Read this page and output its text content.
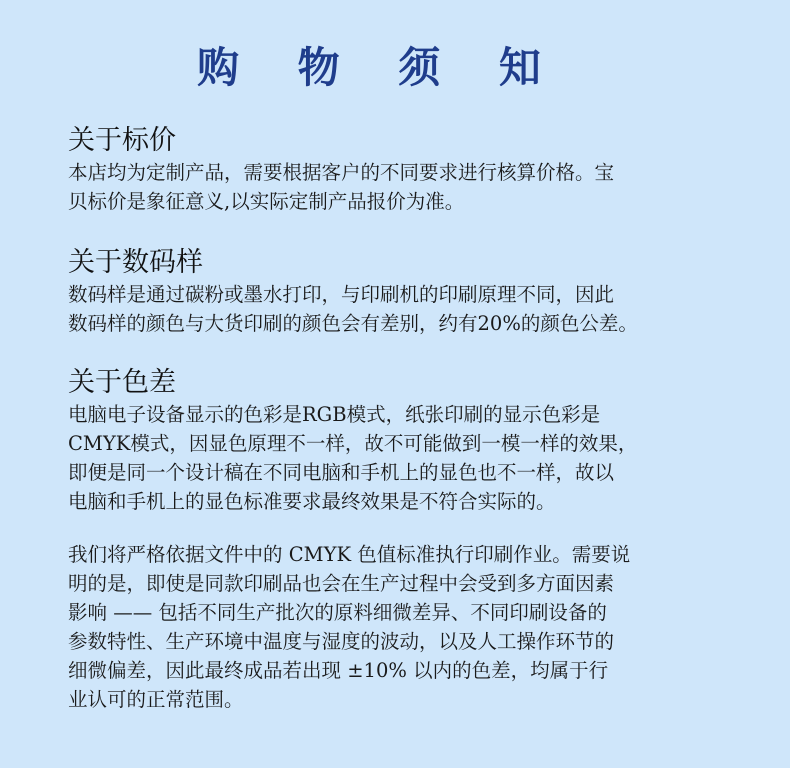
购 物 须 知
关于标价
本店均为定制产品，需要根据客户的不同要求进行核算价格。宝
贝标价是象征意义,以实际定制产品报价为准。
关于数码样
数码样是通过碳粉或墨水打印，与印刷机的印刷原理不同，因此
数码样的颜色与大货印刷的颜色会有差别，约有20%的颜色公差。
关于色差
电脑电子设备显示的色彩是RGB模式，纸张印刷的显示色彩是
CMYK模式，因显色原理不一样，故不可能做到一模一样的效果，
即便是同一个设计稿在不同电脑和手机上的显色也不一样，故以
电脑和手机上的显色标准要求最终效果是不符合实际的。
我们将严格依据文件中的 CMYK 色值标准执行印刷作业。需要说
明的是，即使是同款印刷品也会在生产过程中会受到多方面因素
影响 —— 包括不同生产批次的原料细微差异、不同印刷设备的
参数特性、生产环境中温度与湿度的波动，以及人工操作环节的
细微偏差，因此最终成品若出现 ±10% 以内的色差，均属于行
业认可的正常范围。
